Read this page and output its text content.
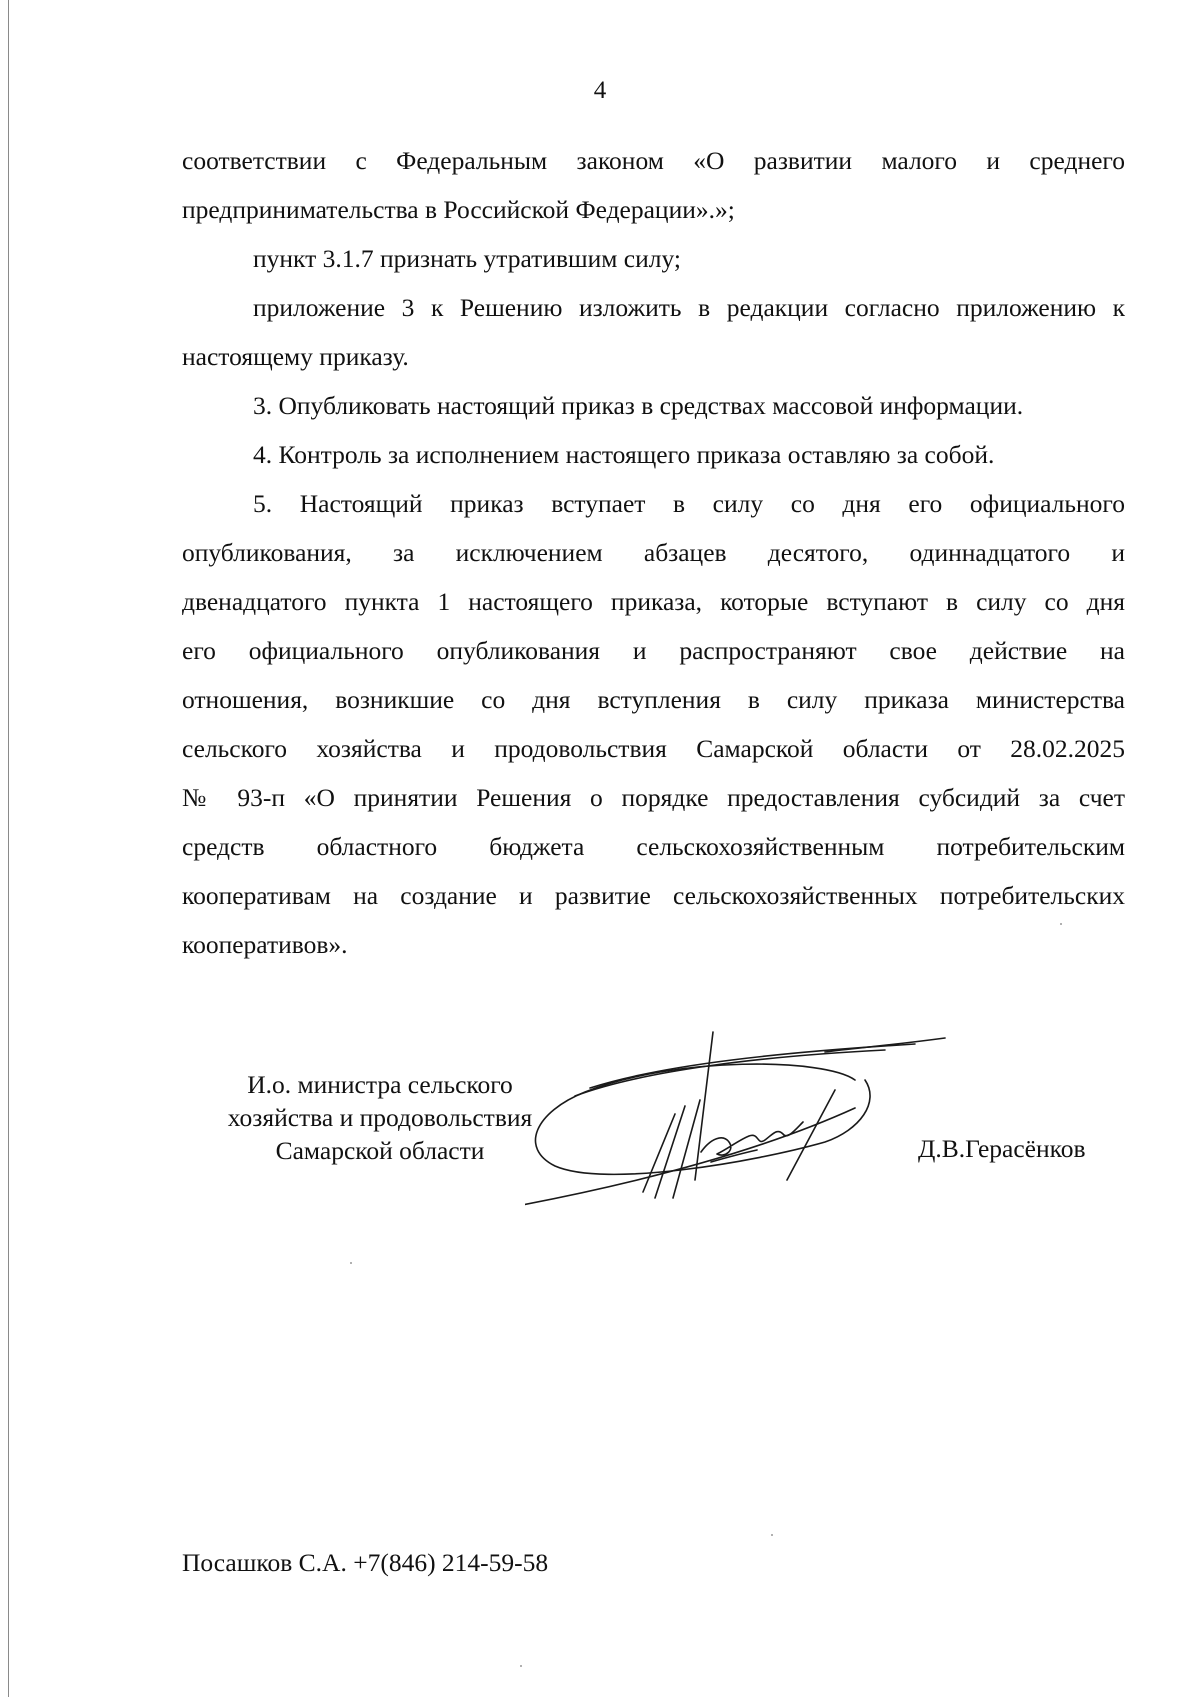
4

соответствии с Федеральным законом «О развитии малого и среднего

предпринимательства в Российской Федерации».»;

пункт 3.1.7 признать утратившим силу;

приложение 3 к Решению изложить в редакции согласно приложению к

настоящему приказу.

3. Опубликовать настоящий приказ в средствах массовой информации.

4. Контроль за исполнением настоящего приказа оставляю за собой.

5. Настоящий приказ вступает в силу со дня его официального

опубликования, за исключением абзацев десятого, одиннадцатого и

двенадцатого пункта 1 настоящего приказа, которые вступают в силу со дня

его официального опубликования и распространяют свое действие на

отношения, возникшие со дня вступления в силу приказа министерства

сельского хозяйства и продовольствия Самарской области от 28.02.2025

№ 93-п «О принятии Решения о порядке предоставления субсидий за счет

средств областного бюджета сельскохозяйственным потребительским

кооперативам на создание и развитие сельскохозяйственных потребительских

кооперативов».

И.о. министра сельского
хозяйства и продовольствия
Самарской области	Д.В.Герасёнков
Посашков С.А. +7(846) 214-59-58
